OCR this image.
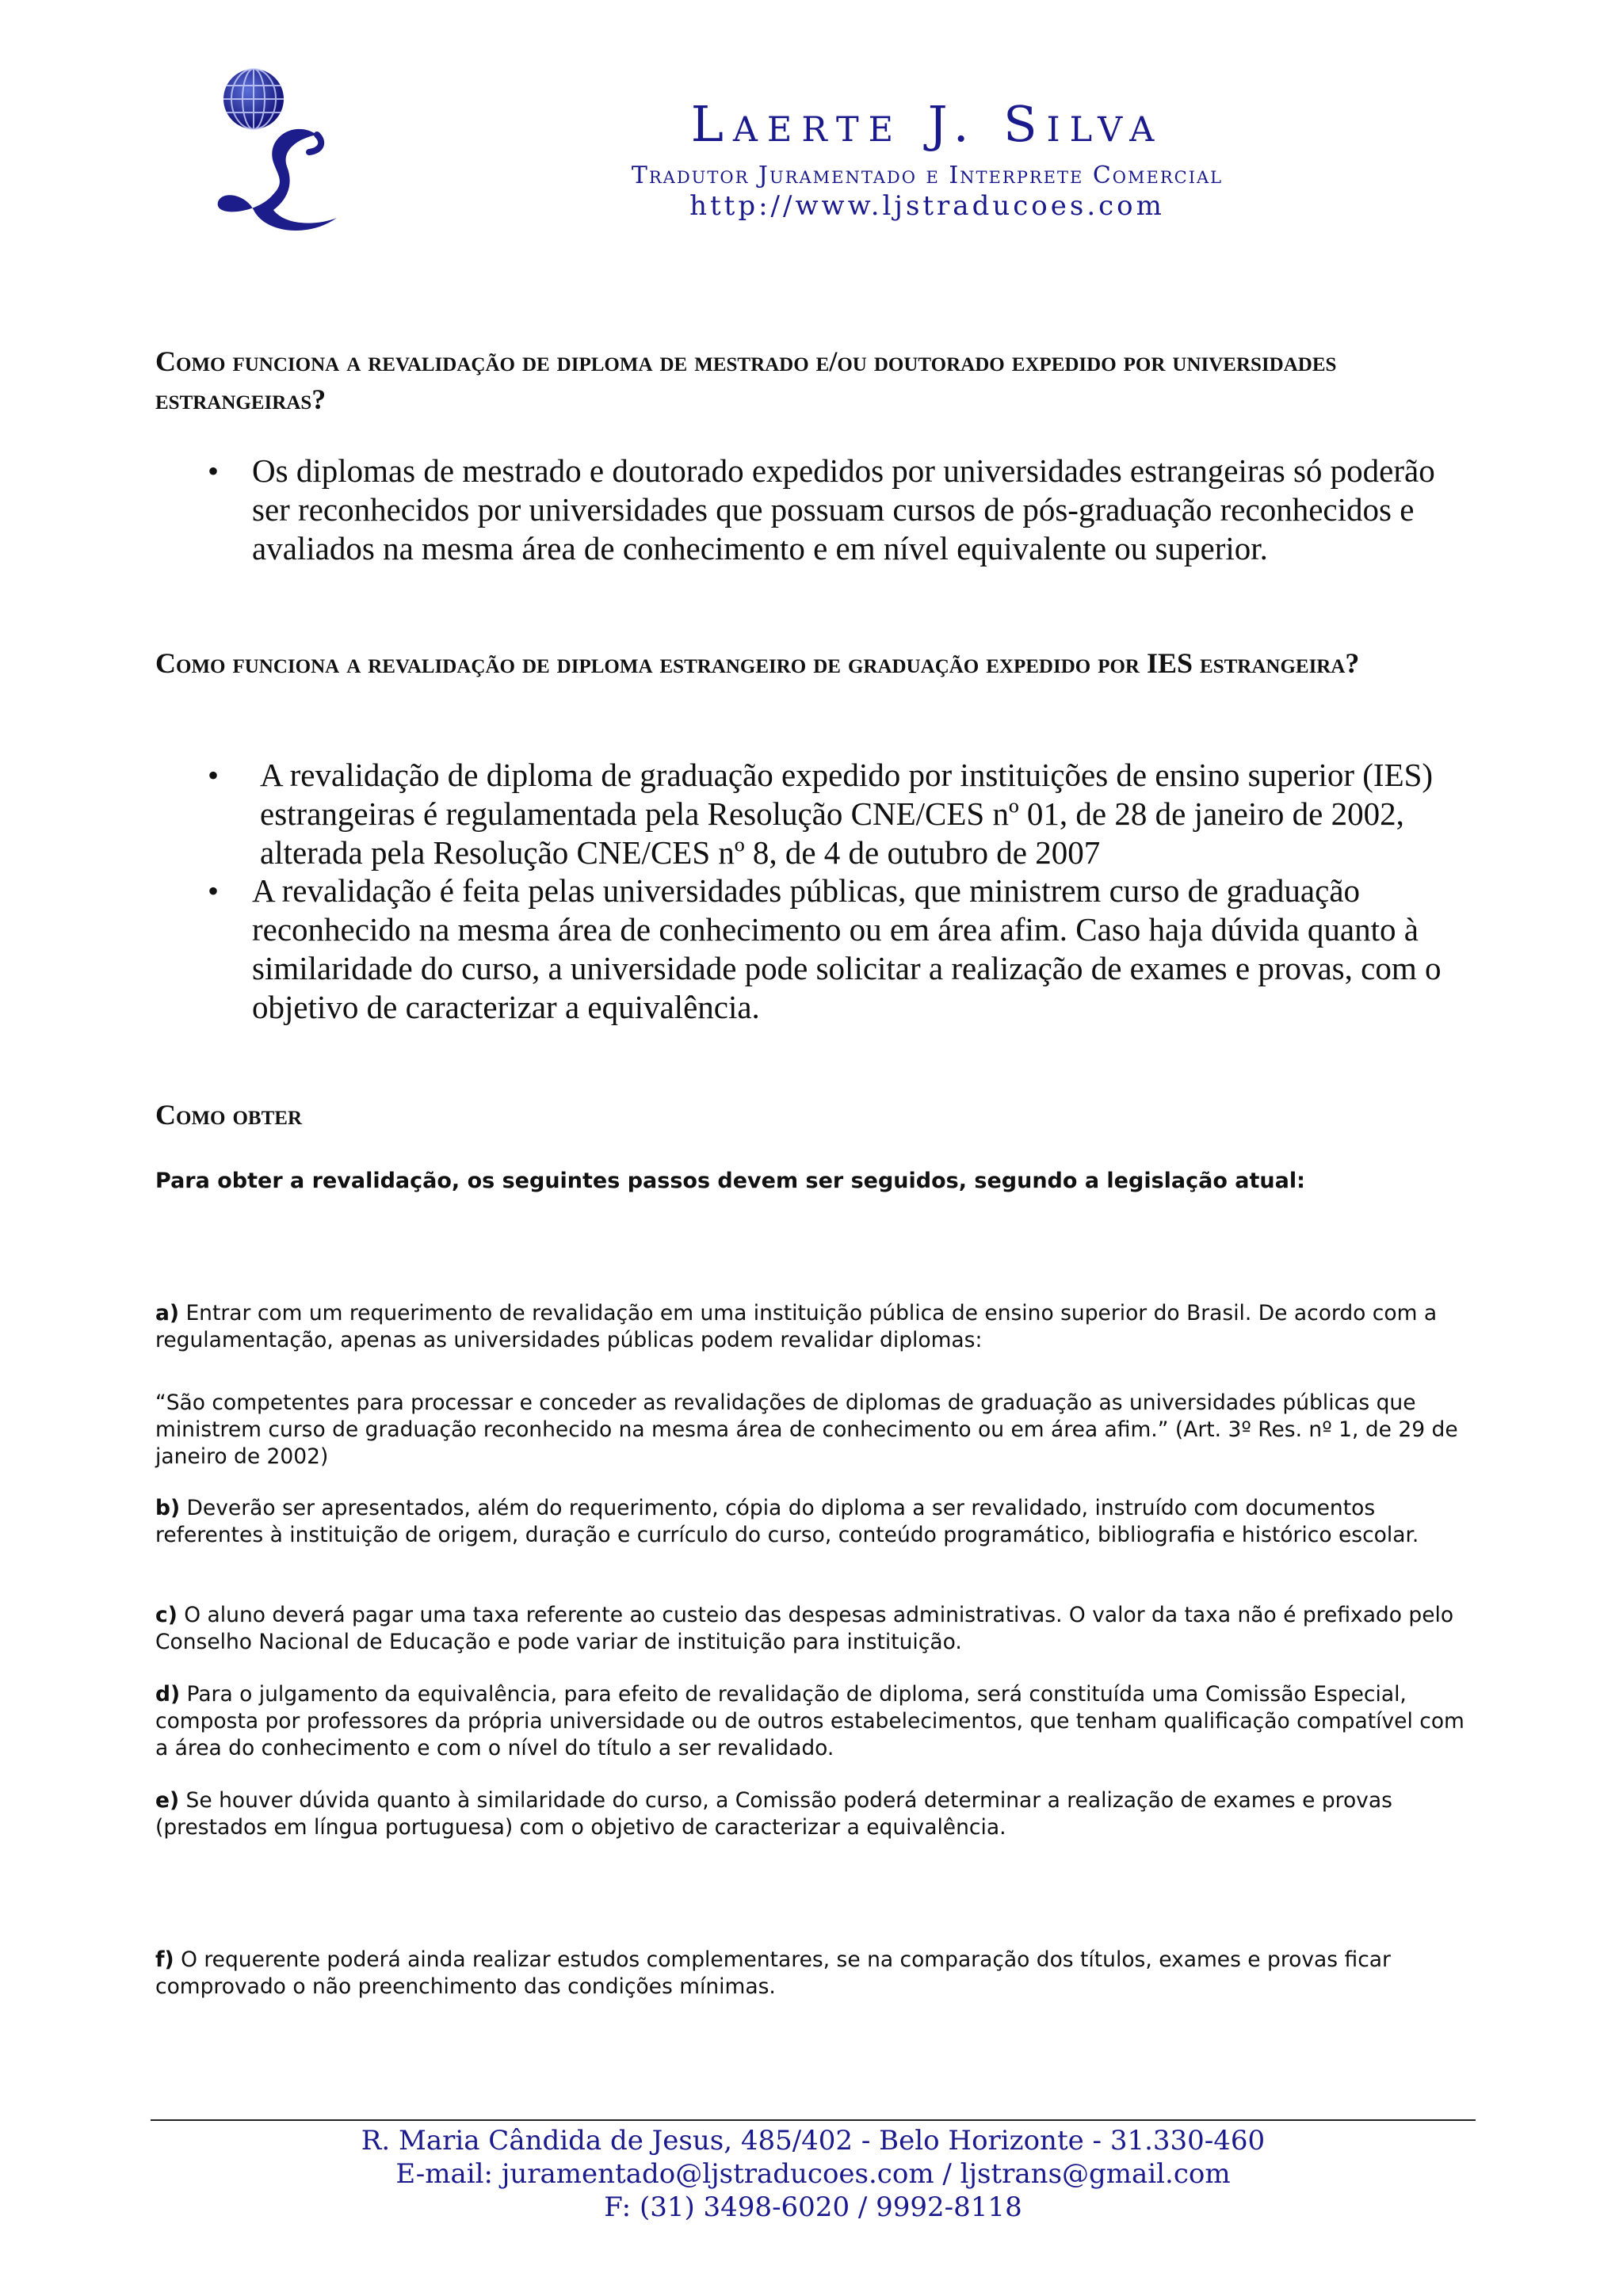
Laerte J. Silva
Tradutor Juramentado e Interprete Comercial
http://www.ljstraducoes.com
Como funciona a revalidação de diploma de mestrado e/ou doutorado expedido por universidades estrangeiras?
• Os diplomas de mestrado e doutorado expedidos por universidades estrangeiras só poderão ser reconhecidos por universidades que possuam cursos de pós-graduação reconhecidos e avaliados na mesma área de conhecimento e em nível equivalente ou superior.
Como funciona a revalidação de diploma estrangeiro de graduação expedido por IES estrangeira?
• A revalidação de diploma de graduação expedido por instituições de ensino superior (IES) estrangeiras é regulamentada pela Resolução CNE/CES nº 01, de 28 de janeiro de 2002, alterada pela Resolução CNE/CES nº 8, de 4 de outubro de 2007
• A revalidação é feita pelas universidades públicas, que ministrem curso de graduação reconhecido na mesma área de conhecimento ou em área afim. Caso haja dúvida quanto à similaridade do curso, a universidade pode solicitar a realização de exames e provas, com o objetivo de caracterizar a equivalência.
Como obter
Para obter a revalidação, os seguintes passos devem ser seguidos, segundo a legislação atual:
a) Entrar com um requerimento de revalidação em uma instituição pública de ensino superior do Brasil. De acordo com a regulamentação, apenas as universidades públicas podem revalidar diplomas:
“São competentes para processar e conceder as revalidações de diplomas de graduação as universidades públicas que ministrem curso de graduação reconhecido na mesma área de conhecimento ou em área afim.” (Art. 3º Res. nº 1, de 29 de janeiro de 2002)
b) Deverão ser apresentados, além do requerimento, cópia do diploma a ser revalidado, instruído com documentos referentes à instituição de origem, duração e currículo do curso, conteúdo programático, bibliografia e histórico escolar.
c) O aluno deverá pagar uma taxa referente ao custeio das despesas administrativas. O valor da taxa não é prefixado pelo Conselho Nacional de Educação e pode variar de instituição para instituição.
d) Para o julgamento da equivalência, para efeito de revalidação de diploma, será constituída uma Comissão Especial, composta por professores da própria universidade ou de outros estabelecimentos, que tenham qualificação compatível com a área do conhecimento e com o nível do título a ser revalidado.
e) Se houver dúvida quanto à similaridade do curso, a Comissão poderá determinar a realização de exames e provas (prestados em língua portuguesa) com o objetivo de caracterizar a equivalência.
f) O requerente poderá ainda realizar estudos complementares, se na comparação dos títulos, exames e provas ficar comprovado o não preenchimento das condições mínimas.
R. Maria Cândida de Jesus, 485/402 - Belo Horizonte - 31.330-460
E-mail: juramentado@ljstraducoes.com / ljstrans@gmail.com
F: (31) 3498-6020 / 9992-8118
